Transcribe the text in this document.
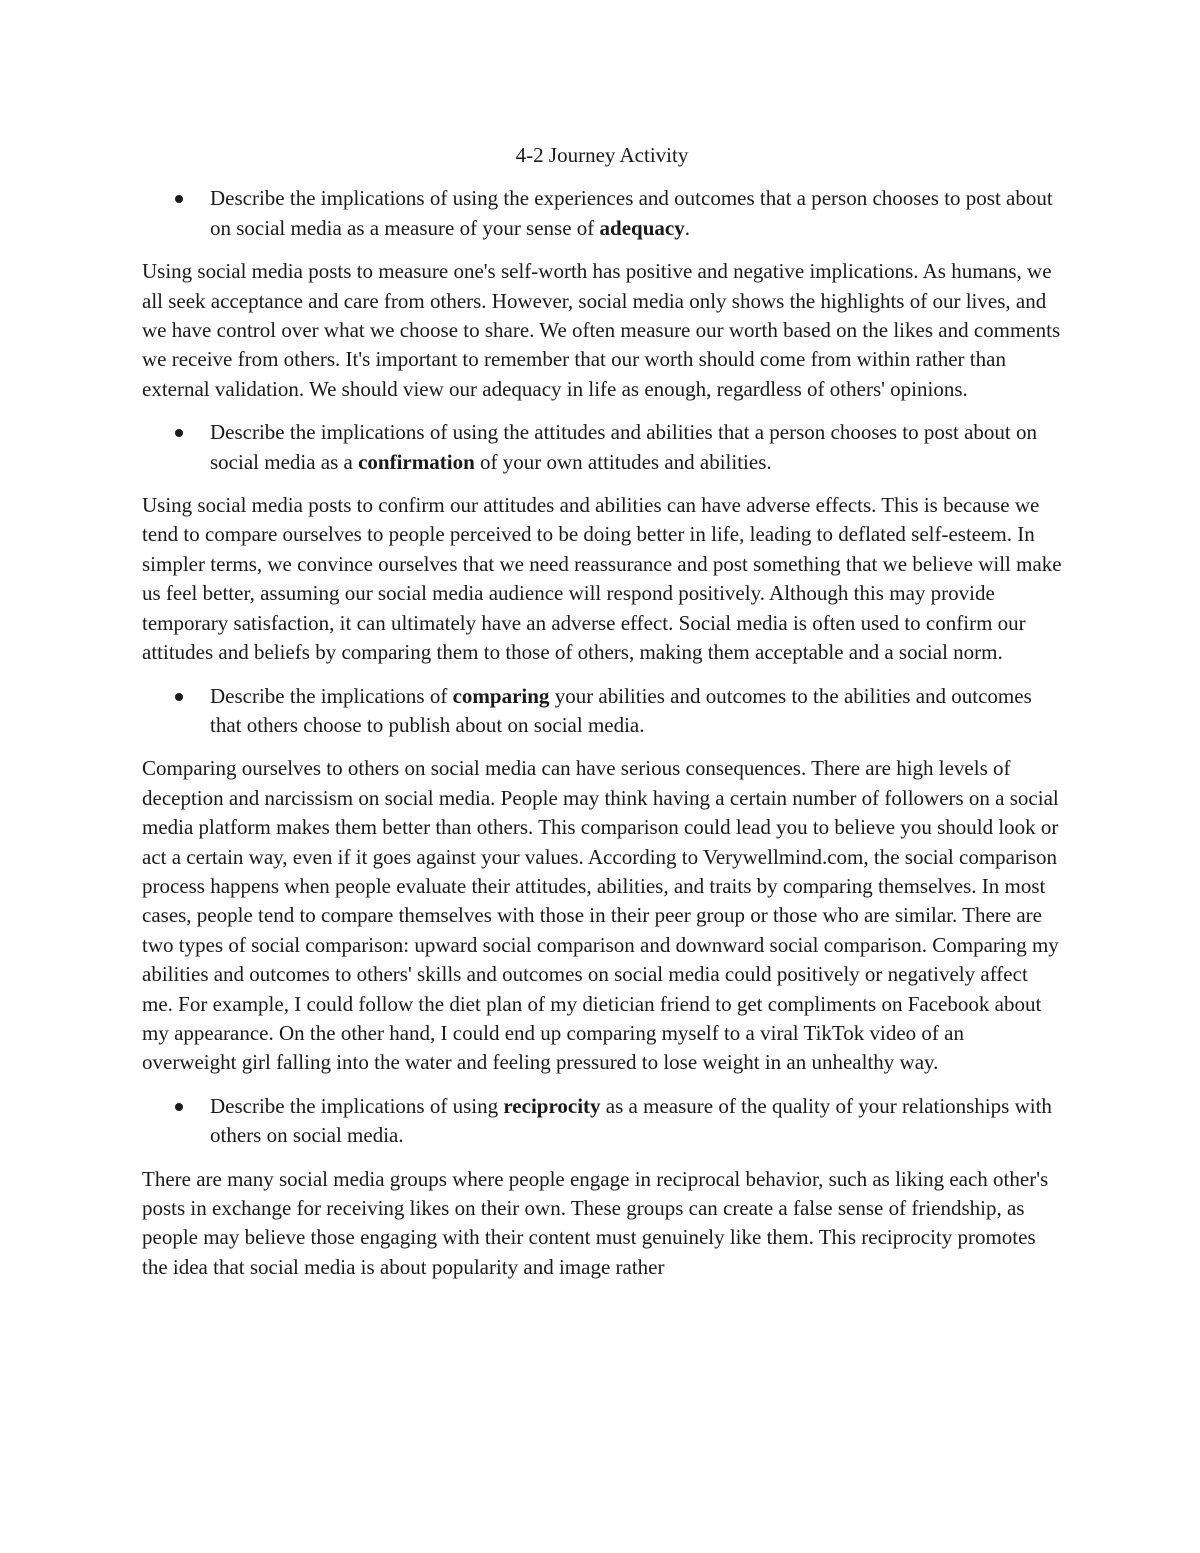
4-2 Journey Activity
Describe the implications of using the experiences and outcomes that a person chooses to post about on social media as a measure of your sense of adequacy.
Using social media posts to measure one's self-worth has positive and negative implications. As humans, we all seek acceptance and care from others. However, social media only shows the highlights of our lives, and we have control over what we choose to share. We often measure our worth based on the likes and comments we receive from others. It's important to remember that our worth should come from within rather than external validation. We should view our adequacy in life as enough, regardless of others' opinions.
Describe the implications of using the attitudes and abilities that a person chooses to post about on social media as a confirmation of your own attitudes and abilities.
Using social media posts to confirm our attitudes and abilities can have adverse effects. This is because we tend to compare ourselves to people perceived to be doing better in life, leading to deflated self-esteem. In simpler terms, we convince ourselves that we need reassurance and post something that we believe will make us feel better, assuming our social media audience will respond positively. Although this may provide temporary satisfaction, it can ultimately have an adverse effect. Social media is often used to confirm our attitudes and beliefs by comparing them to those of others, making them acceptable and a social norm.
Describe the implications of comparing your abilities and outcomes to the abilities and outcomes that others choose to publish about on social media.
Comparing ourselves to others on social media can have serious consequences. There are high levels of deception and narcissism on social media. People may think having a certain number of followers on a social media platform makes them better than others. This comparison could lead you to believe you should look or act a certain way, even if it goes against your values. According to Verywellmind.com, the social comparison process happens when people evaluate their attitudes, abilities, and traits by comparing themselves. In most cases, people tend to compare themselves with those in their peer group or those who are similar. There are two types of social comparison: upward social comparison and downward social comparison. Comparing my abilities and outcomes to others' skills and outcomes on social media could positively or negatively affect me. For example, I could follow the diet plan of my dietician friend to get compliments on Facebook about my appearance. On the other hand, I could end up comparing myself to a viral TikTok video of an overweight girl falling into the water and feeling pressured to lose weight in an unhealthy way.
Describe the implications of using reciprocity as a measure of the quality of your relationships with others on social media.
There are many social media groups where people engage in reciprocal behavior, such as liking each other's posts in exchange for receiving likes on their own. These groups can create a false sense of friendship, as people may believe those engaging with their content must genuinely like them. This reciprocity promotes the idea that social media is about popularity and image rather
